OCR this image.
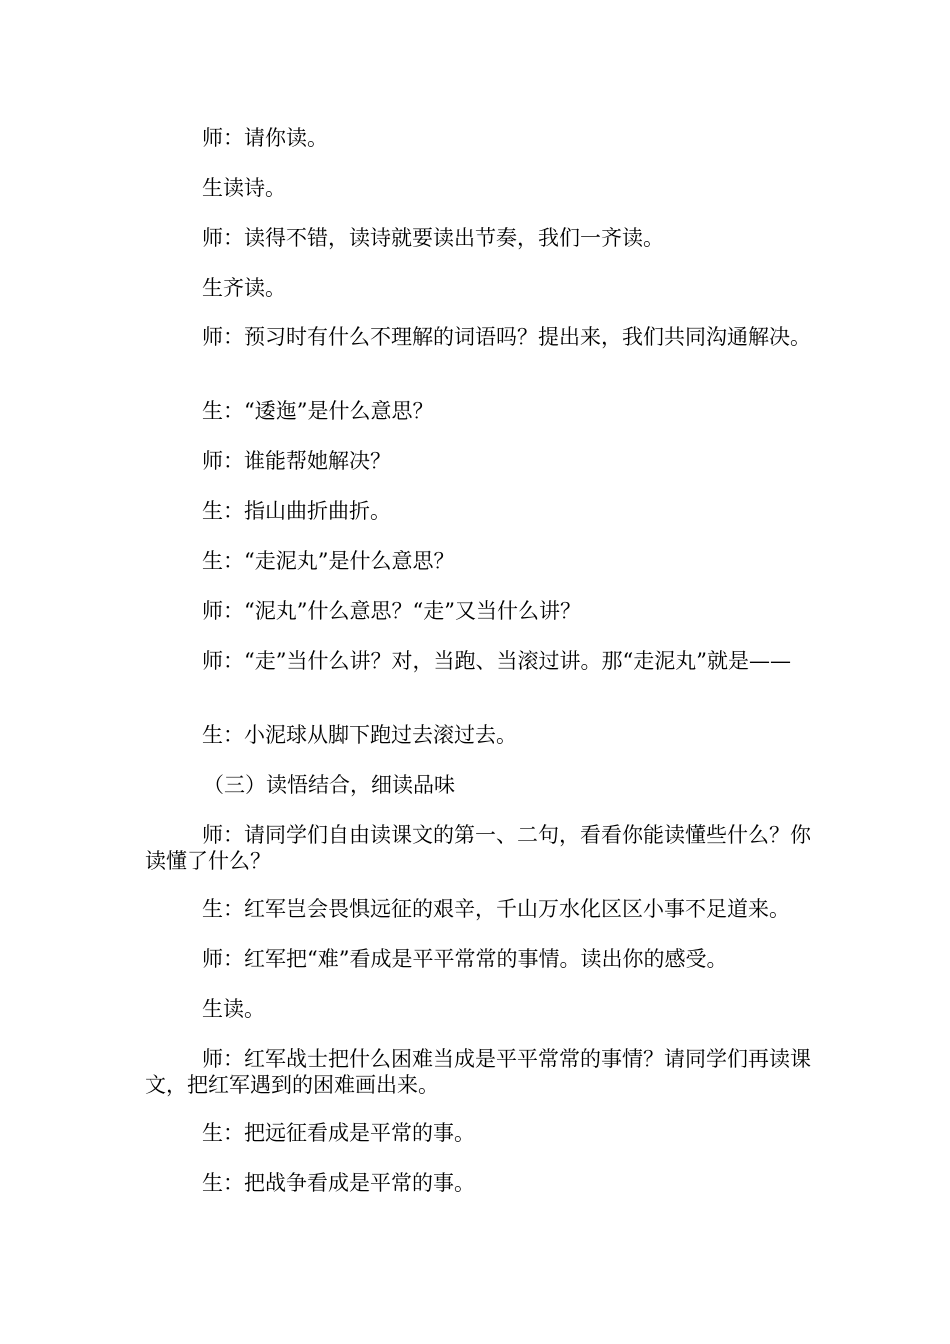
师：请你读。

生读诗。

师：读得不错，读诗就要读出节奏，我们一齐读。

生齐读。

师：预习时有什么不理解的词语吗？提出来，我们共同沟通解决。

生：“逶迤”是什么意思？

师：谁能帮她解决？

生：指山曲折曲折。

生：“走泥丸”是什么意思？

师：“泥丸”什么意思？“走”又当什么讲？

师：“走”当什么讲？对，当跑、当滚过讲。那“走泥丸”就是——

生：小泥球从脚下跑过去滚过去。

（三）读悟结合，细读品味

师：请同学们自由读课文的第一、二句，看看你能读懂些什么？你读懂了什么？

生：红军岂会畏惧远征的艰辛，千山万水化区区小事不足道来。

师：红军把“难”看成是平平常常的事情。读出你的感受。

生读。

师：红军战士把什么困难当成是平平常常的事情？请同学们再读课文，把红军遇到的困难画出来。

生：把远征看成是平常的事。

生：把战争看成是平常的事。
